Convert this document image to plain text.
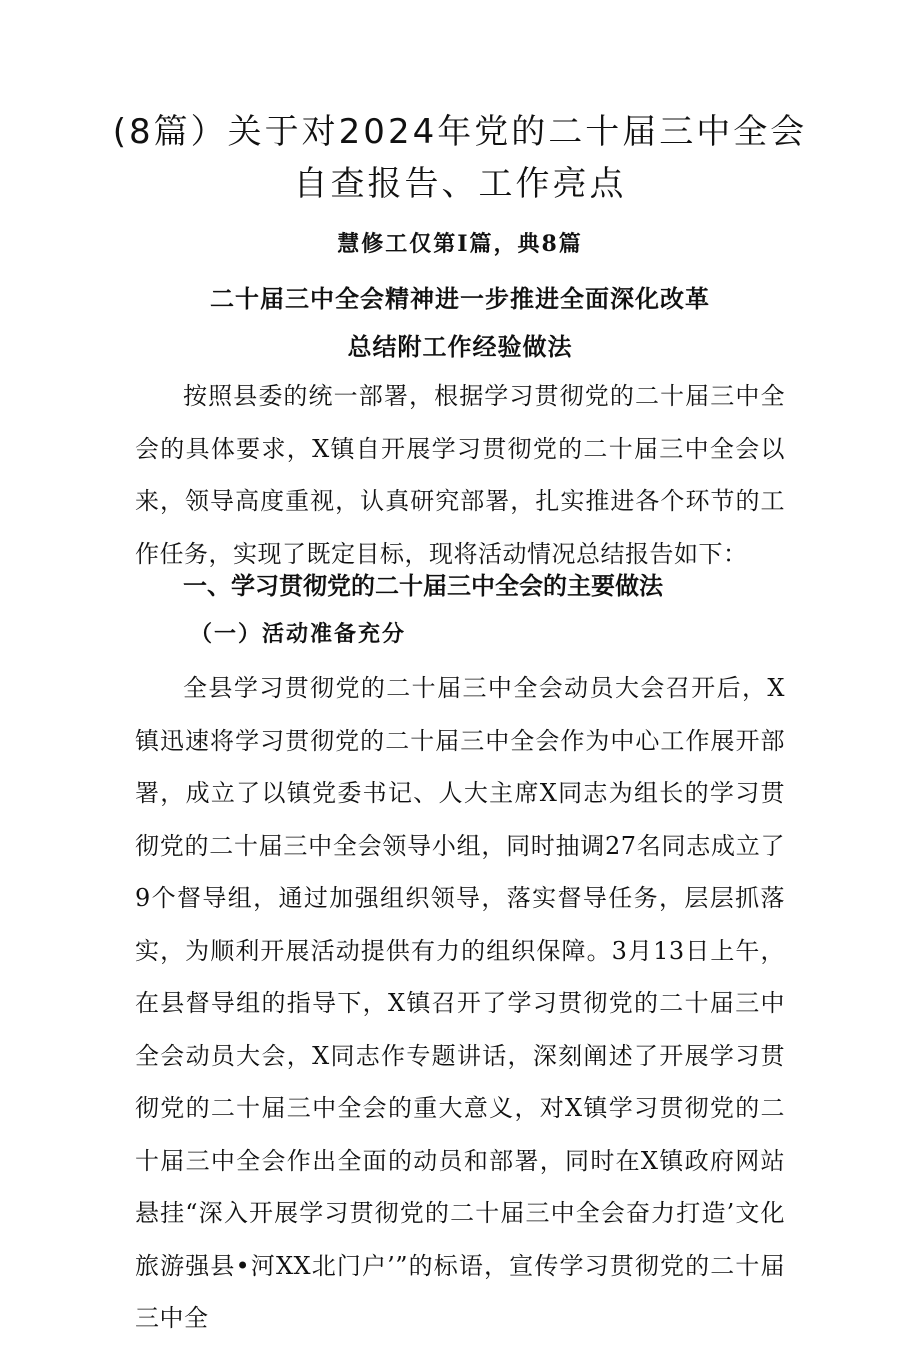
(8篇）关于对2024年党的二十届三中全会
自查报告、工作亮点

慧修工仅第Ⅰ篇，典8篇

二十届三中全会精神进一步推进全面深化改革
总结附工作经验做法

按照县委的统一部署，根据学习贯彻党的二十届三中全会的具体要求，X镇自开展学习贯彻党的二十届三中全会以来，领导高度重视，认真研究部署，扎实推进各个环节的工作任务，实现了既定目标，现将活动情况总结报告如下：

一、学习贯彻党的二十届三中全会的主要做法
（一）活动准备充分

全县学习贯彻党的二十届三中全会动员大会召开后，X镇迅速将学习贯彻党的二十届三中全会作为中心工作展开部署，成立了以镇党委书记、人大主席X同志为组长的学习贯彻党的二十届三中全会领导小组，同时抽调27名同志成立了9个督导组，通过加强组织领导，落实督导任务，层层抓落实，为顺利开展活动提供有力的组织保障。3月13日上午，在县督导组的指导下，X镇召开了学习贯彻党的二十届三中全会动员大会，X同志作专题讲话，深刻阐述了开展学习贯彻党的二十届三中全会的重大意义，对X镇学习贯彻党的二十届三中全会作出全面的动员和部署，同时在X镇政府网站悬挂“深入开展学习贯彻党的二十届三中全会奋力打造’文化旅游强县•河XX北门户’”的标语，宣传学习贯彻党的二十届三中全
